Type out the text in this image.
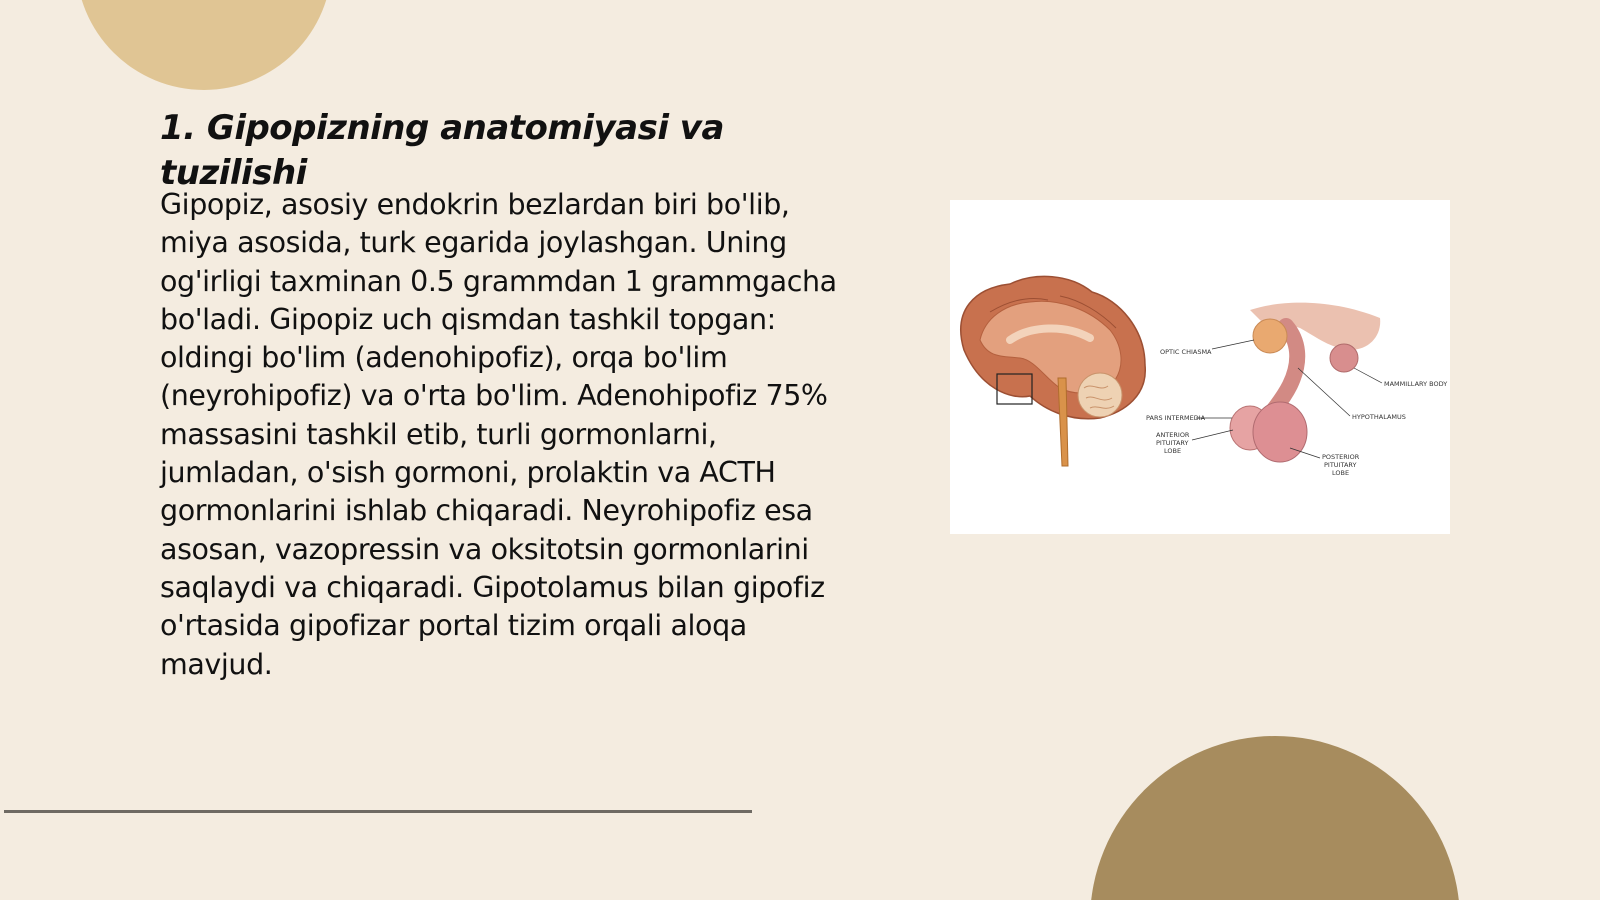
1. Gipopizning anatomiyasi va tuzilishi

Gipopiz, asosiy endokrin bezlardan biri bo'lib, miya asosida, turk egarida joylashgan. Uning og'irligi taxminan 0.5 grammdan 1 grammgacha bo'ladi. Gipopiz uch qismdan tashkil topgan: oldingi bo'lim (adenohipofiz), orqa bo'lim (neyrohipofiz) va o'rta bo'lim. Adenohipofiz 75% massasini tashkil etib, turli gormonlarni, jumladan, o'sish gormoni, prolaktin va ACTH gormonlarini ishlab chiqaradi. Neyrohipofiz esa asosan, vazopressin va oksitotsin gormonlarini saqlaydi va chiqaradi. Gipotolamus bilan gipofiz o'rtasida gipofizar portal tizim orqali aloqa mavjud.

OPTIC CHIASMA
MAMMILLARY BODY
PARS INTERMEDIA	HYPOTHALAMUS
ANTERIOR
PITUITARY
LOBE
POSTERIOR
PITUITARY
LOBE
